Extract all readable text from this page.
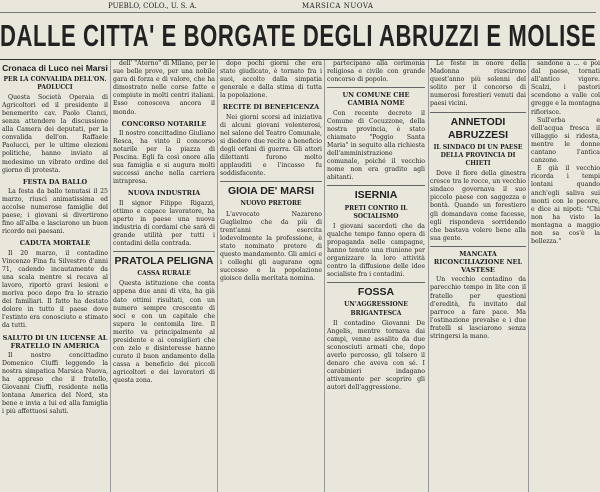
PUEBLO, COLO., U. S. A.	MARSICA NUOVA
DALLE CITTA' E BORGATE DEGLI ABRUZZI E MOLISE
Cronaca di Luco nei Marsi
PER LA CONVALIDA DELL'ON. PAOLUCCI

Questa Società Operaia di Agricoltori ed il presidente il benemerito cav. Paolo Cianci, senza attendere la discussione alla Camera dei deputati, per la convalida dell'on. Raffaele Paolucci, per le ultime elezioni politiche, hanno inviato al medesimo un vibrato ordine del giorno di protesta.

FESTA DA BALLO

La festa da ballo tenutasi il 25 marzo, riuscì animatissima ed accolse numerose famiglie del paese; i giovani si divertirono fino all'alba e lasciarono un buon ricordo nei paesani.

CADUTA MORTALE

Il 20 marzo, il contadino Vincenzo Fina fu Silvestro d'anni 71, cadendo incautamente da una scala mentre si recava al lavoro, riportò gravi lesioni e moriva poco dopo fra lo strazio dei familiari. Il fatto ha destato dolore in tutto il paese dove l'estinto era conosciuto e stimato da tutti.

SALUTO DI UN LUCENSE AL FRATELLO IN AMERICA

Il nostro concittadino Domenico Ciuffi leggendo la nostra simpatica Marsica Nuova, ha appreso che il fratello, Giovanni Ciuffi, residente nella lontana America del Nord, sta bene e invia a lui ed alla famiglia i più affettuosi saluti.

dell' "Aterno" di Milano, per le sue belle prove, per una nobile gara di forza e di valore, che ha dimostrato nelle corse fatte e compiute in molti centri italiani. Esso conosceva ancora il mondo.

CONCORSO NOTARILE

Il nostro concittadino Giuliano Resca, ha vinto il concorso notarile per la piazza di Pescina. Egli fa così onore alla sua famiglia e si augura molti successi anche nella carriera intrapresa.

NUOVA INDUSTRIA

Il signor Filippo Rigazzi, ottimo e capace lavoratore, ha aperto in paese una nuova industria di cordami che sarà di grande utilità per tutti i contadini della contrada.

PRATOLA PELIGNA
CASSA RURALE

Questa istituzione che conta appena due anni di vita, ha già dato ottimi risultati, con un numero sempre crescente di soci e con un capitale che supera le centomila lire. Il merito va principalmente al presidente e ai consiglieri che con zelo e disinteresse hanno curato il buon andamento della cassa a beneficio dei piccoli agricoltori e dei lavoratori di questa zona.

dopo pochi giorni che era stato giudicato, è tornato fra i suoi, accolto dalla simpatia generale e dalla stima di tutta la popolazione.

RECITE DI BENEFICENZA

Nei giorni scorsi ad iniziativa di alcuni giovani volenterosi, nel salone del Teatro Comunale, si diedero due recite a beneficio degli orfani di guerra. Gli attori dilettanti furono molto applauditi e l'incasso fu soddisfacente.

GIOIA DE' MARSI
NUOVO PRETORE

L'avvocato Nazareno Guglielmo che da più di trent'anni esercita lodevolmente la professione, è stato nominato pretore di questo mandamento. Gli amici e i colleghi gli augurano ogni successo e la popolazione gioisce della meritata nomina.

partecipano alla cerimonia religiosa e civile con grande concorso di popolo.

UN COMUNE CHE CAMBIA NOME

Con recente decreto il Comune di Cocuzzone, della nostra provincia, è stato chiamato "Poggio Santa Maria" in seguito alla richiesta dell'amministrazione comunale, poiché il vecchio nome non era gradito agli abitanti.

ISERNIA
PRETI CONTRO IL SOCIALISMO

I giovani sacerdoti che da qualche tempo fanno opera di propaganda nelle campagne, hanno tenuto una riunione per organizzare la loro attività contro la diffusione delle idee socialiste fra i contadini.

FOSSA
UN'AGGRESSIONE BRIGANTESCA

Il contadino Giovanni De Angelis, mentre tornava dai campi, venne assalito da due sconosciuti armati che, dopo averlo percosso, gli tolsero il denaro che aveva con sé. I carabinieri indagano attivamente per scoprire gli autori dell'aggressione.

Le feste in onore della Madonna riuscirono quest'anno più solenni del solito per il concorso di numerosi forestieri venuti dai paesi vicini.

ANNETODI ABRUZZESI
IL SINDACO DI UN PAESE DELLA PROVINCIA DI CHIETI

Dove il fiore della ginestra cresce tra le rocce, un vecchio sindaco governava il suo piccolo paese con saggezza e bontà. Quando un forestiero gli domandava come facesse, egli rispondeva sorridendo che bastava volere bene alla sua gente.

MANCATA RICONCILIAZIONE NEL VASTESE

Un vecchio contadino da parecchio tempo in lite con il fratello per questioni d'eredità, fu invitato dal parroco a fare pace. Ma l'ostinazione prevalse e i due fratelli si lasciarono senza stringersi la mano.

sandone a ... e poi dal paese, tornati all'antico vigore. Scalzi, i pastori scendono a valle col gregge e la montagna rifiorisce.

Sull'erba e dell'acqua fresca il villaggio si ridesta, mentre le donne cantano l'antica canzone.

E già il vecchio ricorda i tempi lontani quando anch'egli saliva sui monti con le pecore, e dice ai nipoti: "Chi non ha visto la montagna a maggio non sa cos'è la bellezza."
